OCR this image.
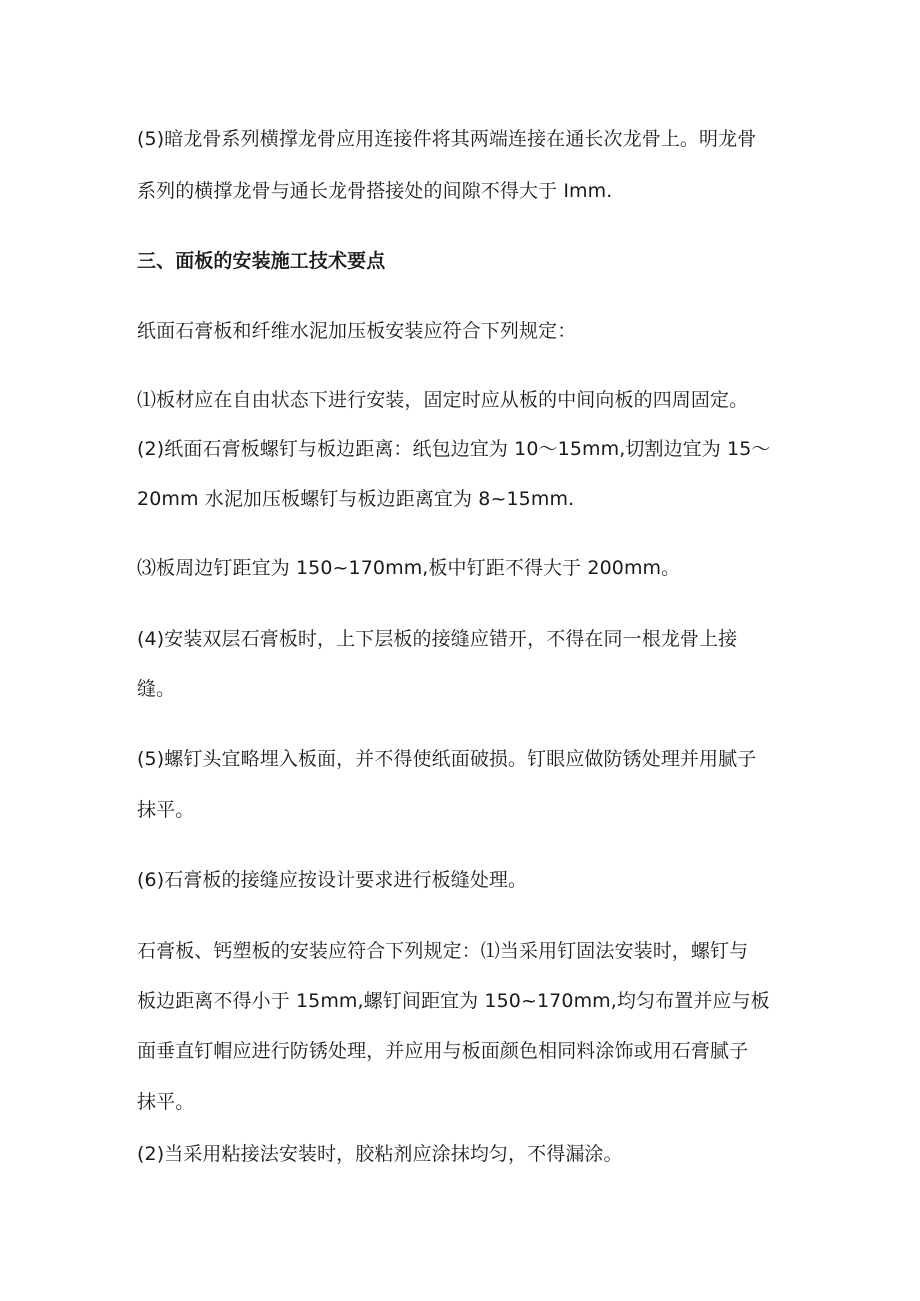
(5)暗龙骨系列横撑龙骨应用连接件将其两端连接在通长次龙骨上。明龙骨
系列的横撑龙骨与通长龙骨搭接处的间隙不得大于 Imm.
三、面板的安装施工技术要点
纸面石膏板和纤维水泥加压板安装应符合下列规定：
⑴板材应在自由状态下进行安装，固定时应从板的中间向板的四周固定。
(2)纸面石膏板螺钉与板边距离：纸包边宜为 10～15mm,切割边宜为 15～
20mm 水泥加压板螺钉与板边距离宜为 8~15mm.
⑶板周边钉距宜为 150~170mm,板中钉距不得大于 200mm。
(4)安装双层石膏板时，上下层板的接缝应错开，不得在同一根龙骨上接
缝。
(5)螺钉头宜略埋入板面，并不得使纸面破损。钉眼应做防锈处理并用腻子
抹平。
(6)石膏板的接缝应按设计要求进行板缝处理。
石膏板、钙塑板的安装应符合下列规定：⑴当采用钉固法安装时，螺钉与
板边距离不得小于 15mm,螺钉间距宜为 150~170mm,均匀布置并应与板
面垂直钉帽应进行防锈处理，并应用与板面颜色相同料涂饰或用石膏腻子
抹平。
(2)当采用粘接法安装时，胶粘剂应涂抹均匀，不得漏涂。
